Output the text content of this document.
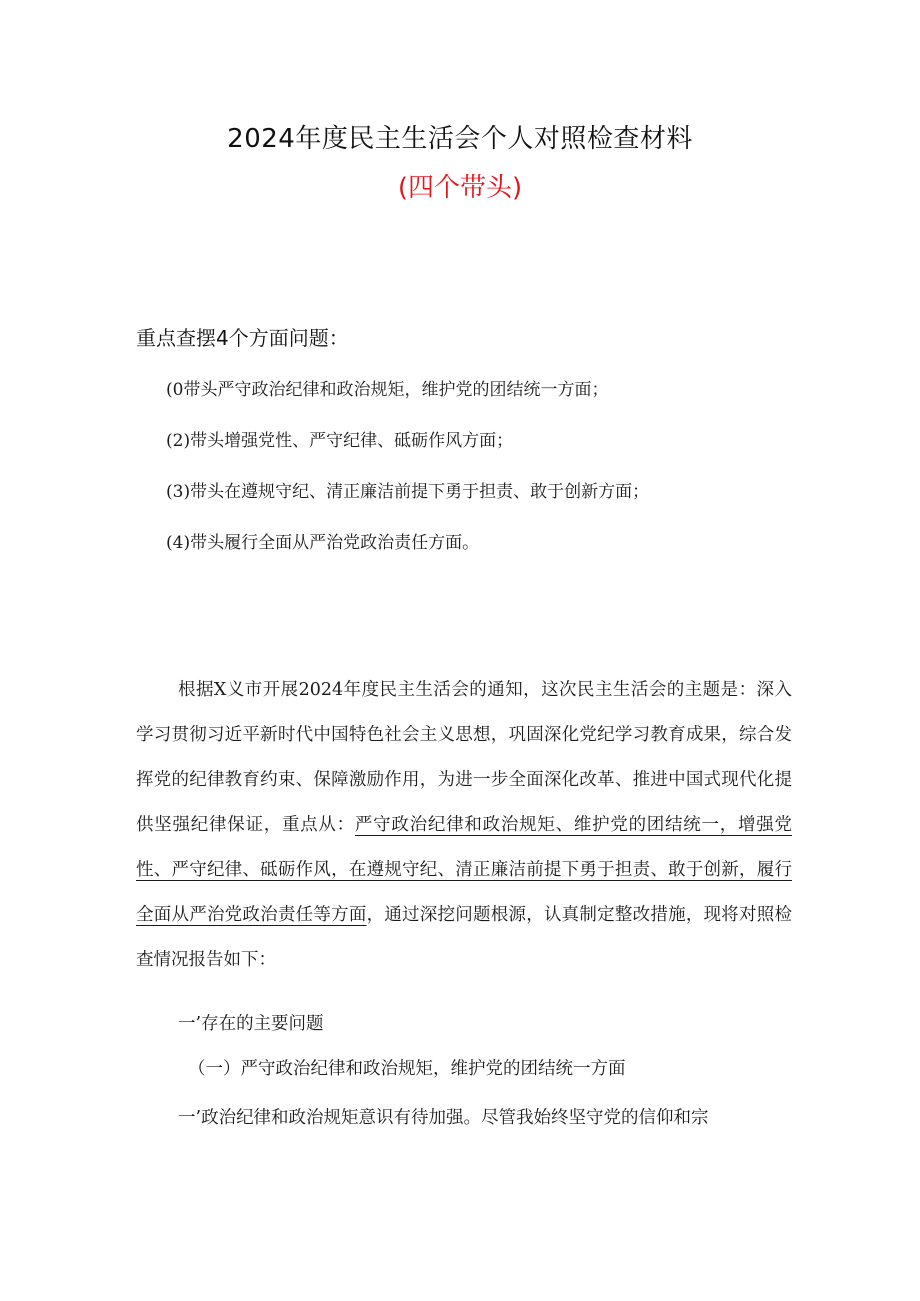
2024年度民主生活会个人对照检查材料
(四个带头)
重点查摆4个方面问题：
(0带头严守政治纪律和政治规矩，维护党的团结统一方面；
(2)带头增强党性、严守纪律、砥砺作风方面；
(3)带头在遵规守纪、清正廉洁前提下勇于担责、敢于创新方面；
(4)带头履行全面从严治党政治责任方面。

根据X义市开展2024年度民主生活会的通知，这次民主生活会的主题是：深入学习贯彻习近平新时代中国特色社会主义思想，巩固深化党纪学习教育成果，综合发挥党的纪律教育约束、保障激励作用，为进一步全面深化改革、推进中国式现代化提供坚强纪律保证，重点从：严守政治纪律和政治规矩、维护党的团结统一，增强党性、严守纪律、砥砺作风，在遵规守纪、清正廉洁前提下勇于担责、敢于创新，履行全面从严治党政治责任等方面，通过深挖问题根源，认真制定整改措施，现将对照检查情况报告如下：

一’存在的主要问题
（一）严守政治纪律和政治规矩，维护党的团结统一方面
一’政治纪律和政治规矩意识有待加强。尽管我始终坚守党的信仰和宗
